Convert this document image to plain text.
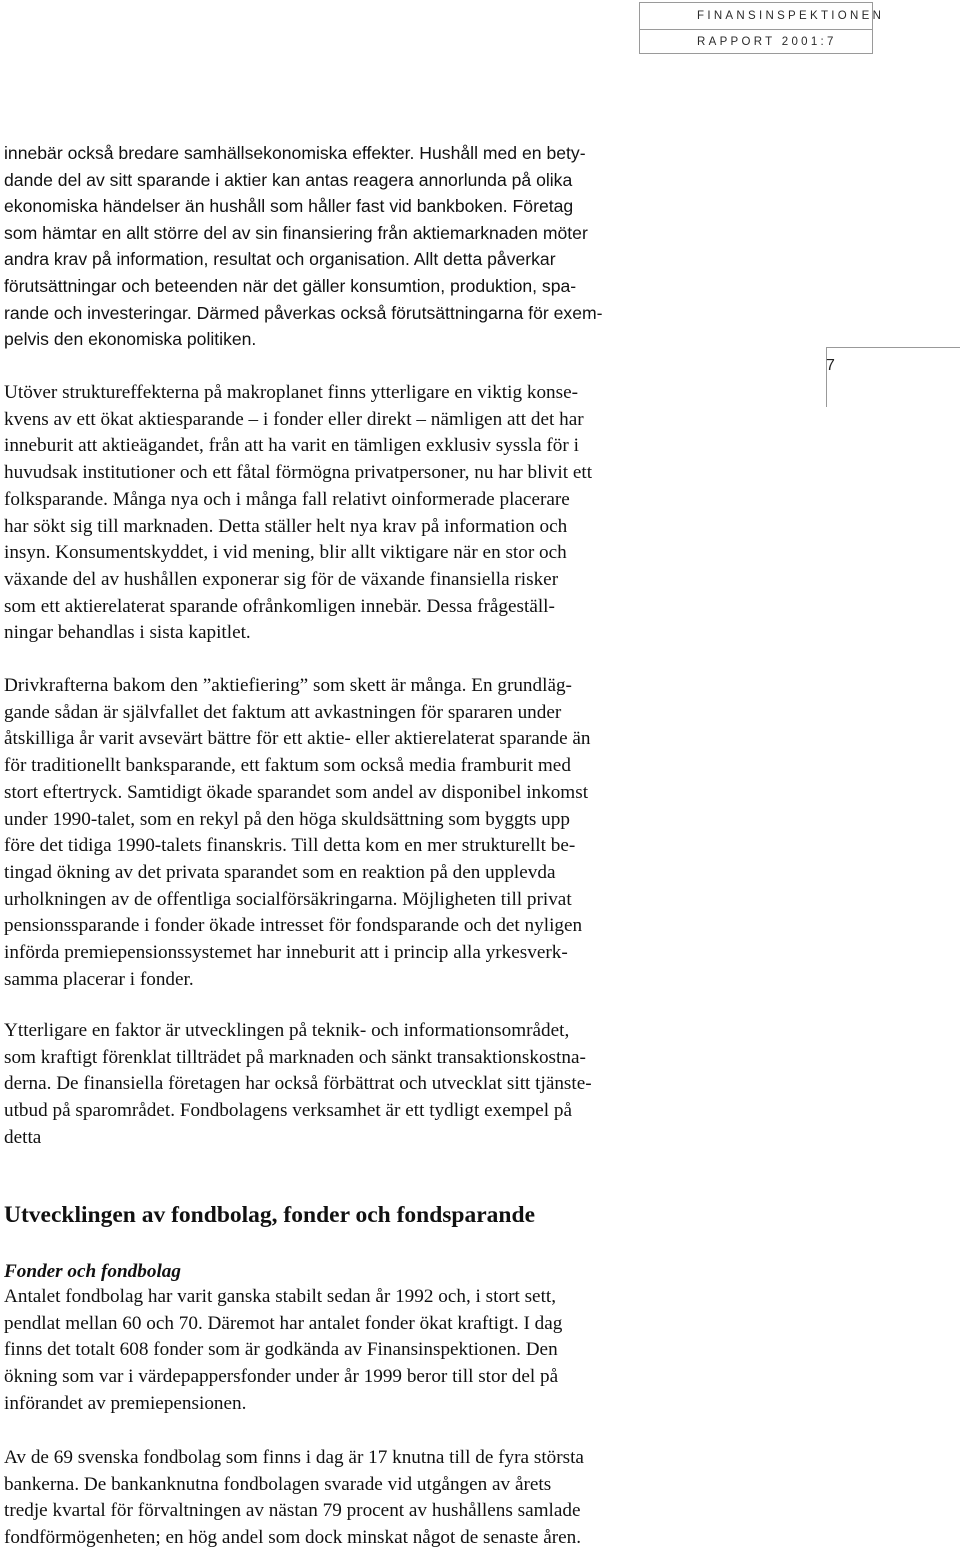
FINANSINSPEKTIONEN
RAPPORT 2001:7
7
innebär också bredare samhällsekonomiska effekter. Hushåll med en bety-
dande del av sitt sparande i aktier kan antas reagera annorlunda på olika
ekonomiska händelser än hushåll som håller fast vid bankboken. Företag
som hämtar en allt större del av sin finansiering från aktiemarknaden möter
andra krav på information, resultat och organisation. Allt detta påverkar
förutsättningar och beteenden när det gäller konsumtion, produktion, spa-
rande och investeringar. Därmed påverkas också förutsättningarna för exem-
pelvis den ekonomiska politiken.
Utöver struktureffekterna på makroplanet finns ytterligare en viktig konse-
kvens av ett ökat aktiesparande – i fonder eller direkt – nämligen att det har
inneburit att aktieägandet, från att ha varit en tämligen exklusiv syssla för i
huvudsak institutioner och ett fåtal förmögna privatpersoner, nu har blivit ett
folksparande. Många nya och i många fall relativt oinformerade placerare
har sökt sig till marknaden. Detta ställer helt nya krav på information och
insyn. Konsumentskyddet, i vid mening, blir allt viktigare när en stor och
växande del av hushållen exponerar sig för de växande finansiella risker
som ett aktierelaterat sparande ofrånkomligen innebär. Dessa frågeställ-
ningar behandlas i sista kapitlet.
Drivkrafterna bakom den ”aktiefiering” som skett är många. En grundläg-
gande sådan är självfallet det faktum att avkastningen för spararen under
åtskilliga år varit avsevärt bättre för ett aktie- eller aktierelaterat sparande än
för traditionellt banksparande, ett faktum som också media framburit med
stort eftertryck. Samtidigt ökade sparandet som andel av disponibel inkomst
under 1990-talet, som en rekyl på den höga skuldsättning som byggts upp
före det tidiga 1990-talets finanskris. Till detta kom en mer strukturellt be-
tingad ökning av det privata sparandet som en reaktion på den upplevda
urholkningen av de offentliga socialförsäkringarna. Möjligheten till privat
pensionssparande i fonder ökade intresset för fondsparande och det nyligen
införda premiepensionssystemet har inneburit att i princip alla yrkesverk-
samma placerar i fonder.
Ytterligare en faktor är utvecklingen på teknik- och informationsområdet,
som kraftigt förenklat tillträdet på marknaden och sänkt transaktionskostna-
derna. De finansiella företagen har också förbättrat och utvecklat sitt tjänste-
utbud på sparområdet. Fondbolagens verksamhet är ett tydligt exempel på
detta
Utvecklingen av fondbolag, fonder och fondsparande
Fonder och fondbolag
Antalet fondbolag har varit ganska stabilt sedan år 1992 och, i stort sett,
pendlat mellan 60 och 70. Däremot har antalet fonder ökat kraftigt. I dag
finns det totalt 608 fonder som är godkända av Finansinspektionen. Den
ökning som var i värdepappersfonder under år 1999 beror till stor del på
införandet av premiepensionen.
Av de 69 svenska fondbolag som finns i dag är 17 knutna till de fyra största
bankerna. De bankanknutna fondbolagen svarade vid utgången av årets
tredje kvartal för förvaltningen av nästan 79 procent av hushållens samlade
fondförmögenheten; en hög andel som dock minskat något de senaste åren.
